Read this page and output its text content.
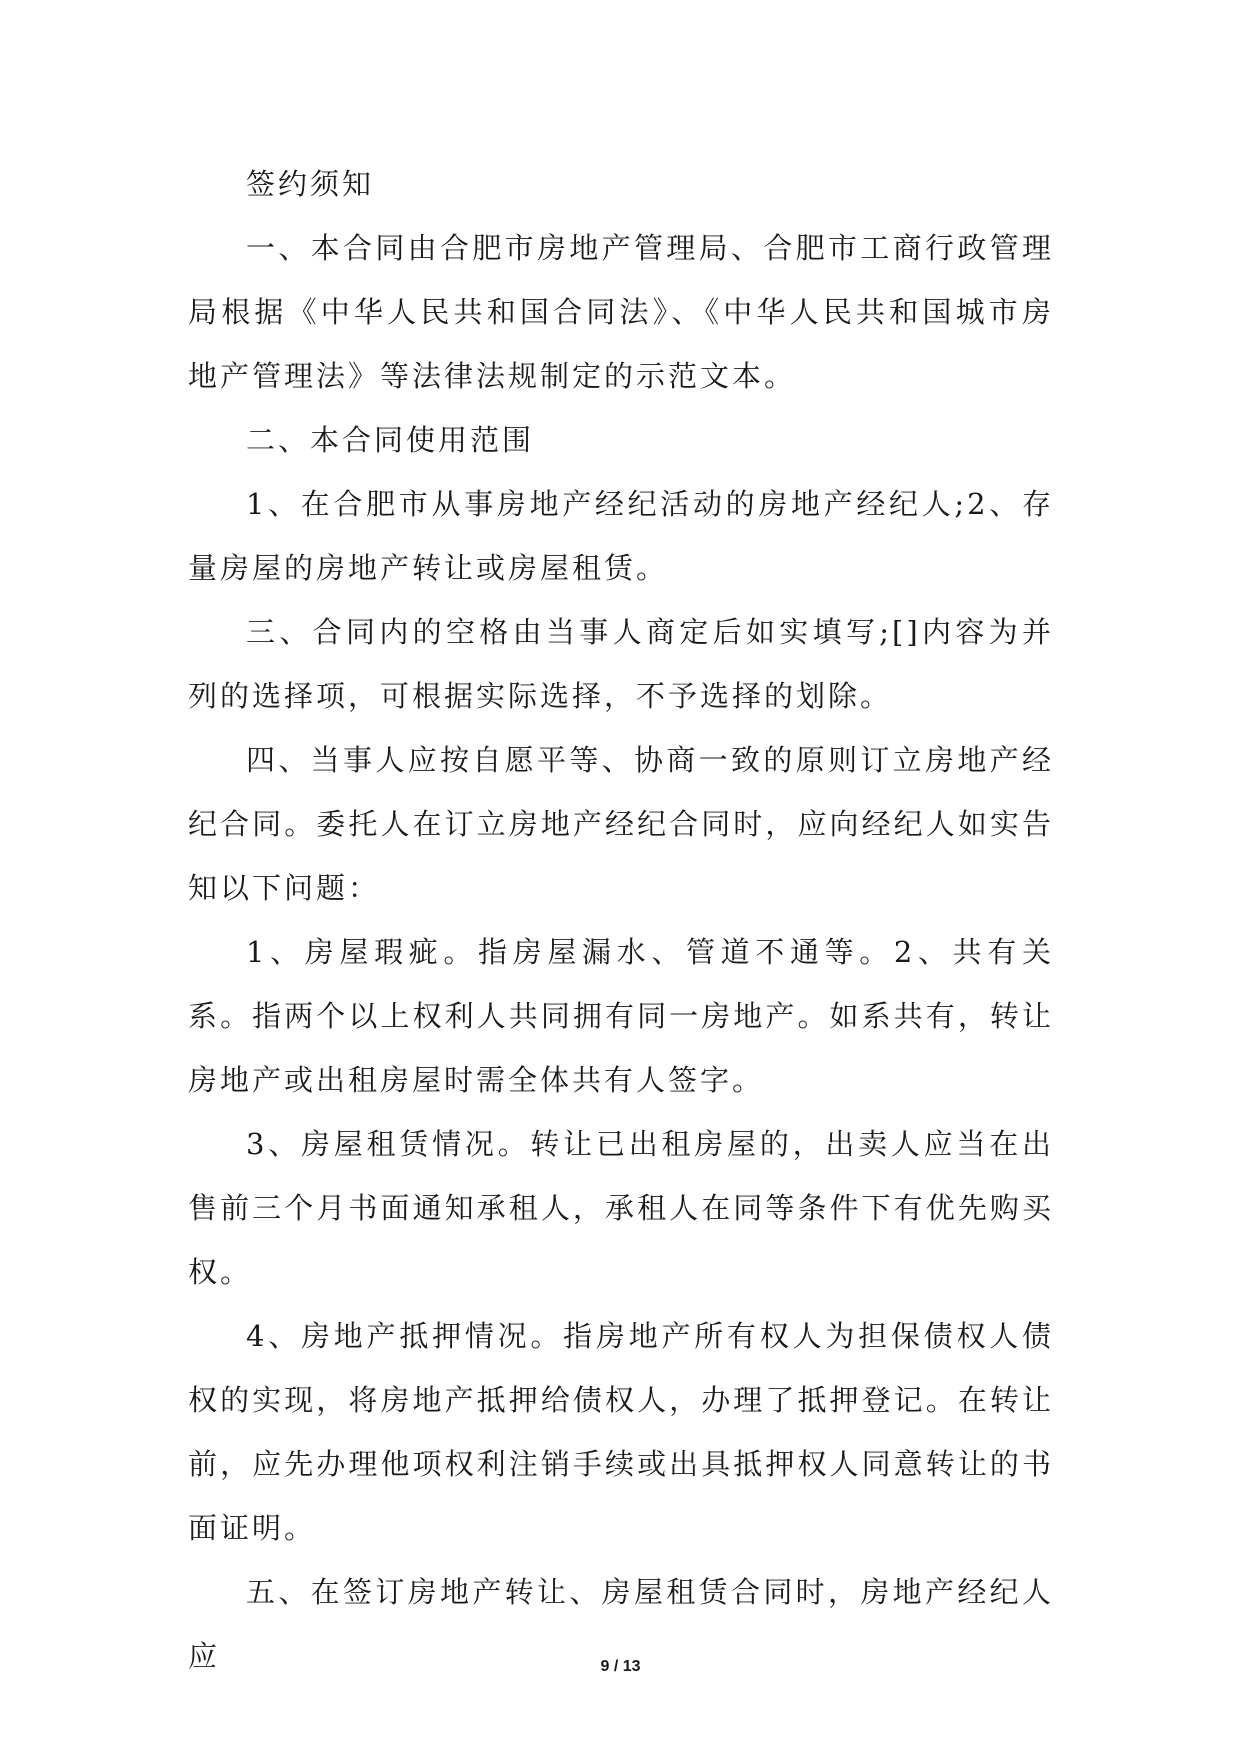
签约须知

一、本合同由合肥市房地产管理局、合肥市工商行政管理局根据《中华人民共和国合同法》、《中华人民共和国城市房地产管理法》等法律法规制定的示范文本。

二、本合同使用范围

1、在合肥市从事房地产经纪活动的房地产经纪人;2、存量房屋的房地产转让或房屋租赁。

三、合同内的空格由当事人商定后如实填写;[]内容为并列的选择项，可根据实际选择，不予选择的划除。

四、当事人应按自愿平等、协商一致的原则订立房地产经纪合同。委托人在订立房地产经纪合同时，应向经纪人如实告知以下问题：

1、房屋瑕疵。指房屋漏水、管道不通等。2、共有关系。指两个以上权利人共同拥有同一房地产。如系共有，转让房地产或出租房屋时需全体共有人签字。

3、房屋租赁情况。转让已出租房屋的，出卖人应当在出售前三个月书面通知承租人，承租人在同等条件下有优先购买权。

4、房地产抵押情况。指房地产所有权人为担保债权人债权的实现，将房地产抵押给债权人，办理了抵押登记。在转让前，应先办理他项权利注销手续或出具抵押权人同意转让的书面证明。

五、在签订房地产转让、房屋租赁合同时，房地产经纪人应	9 / 13
